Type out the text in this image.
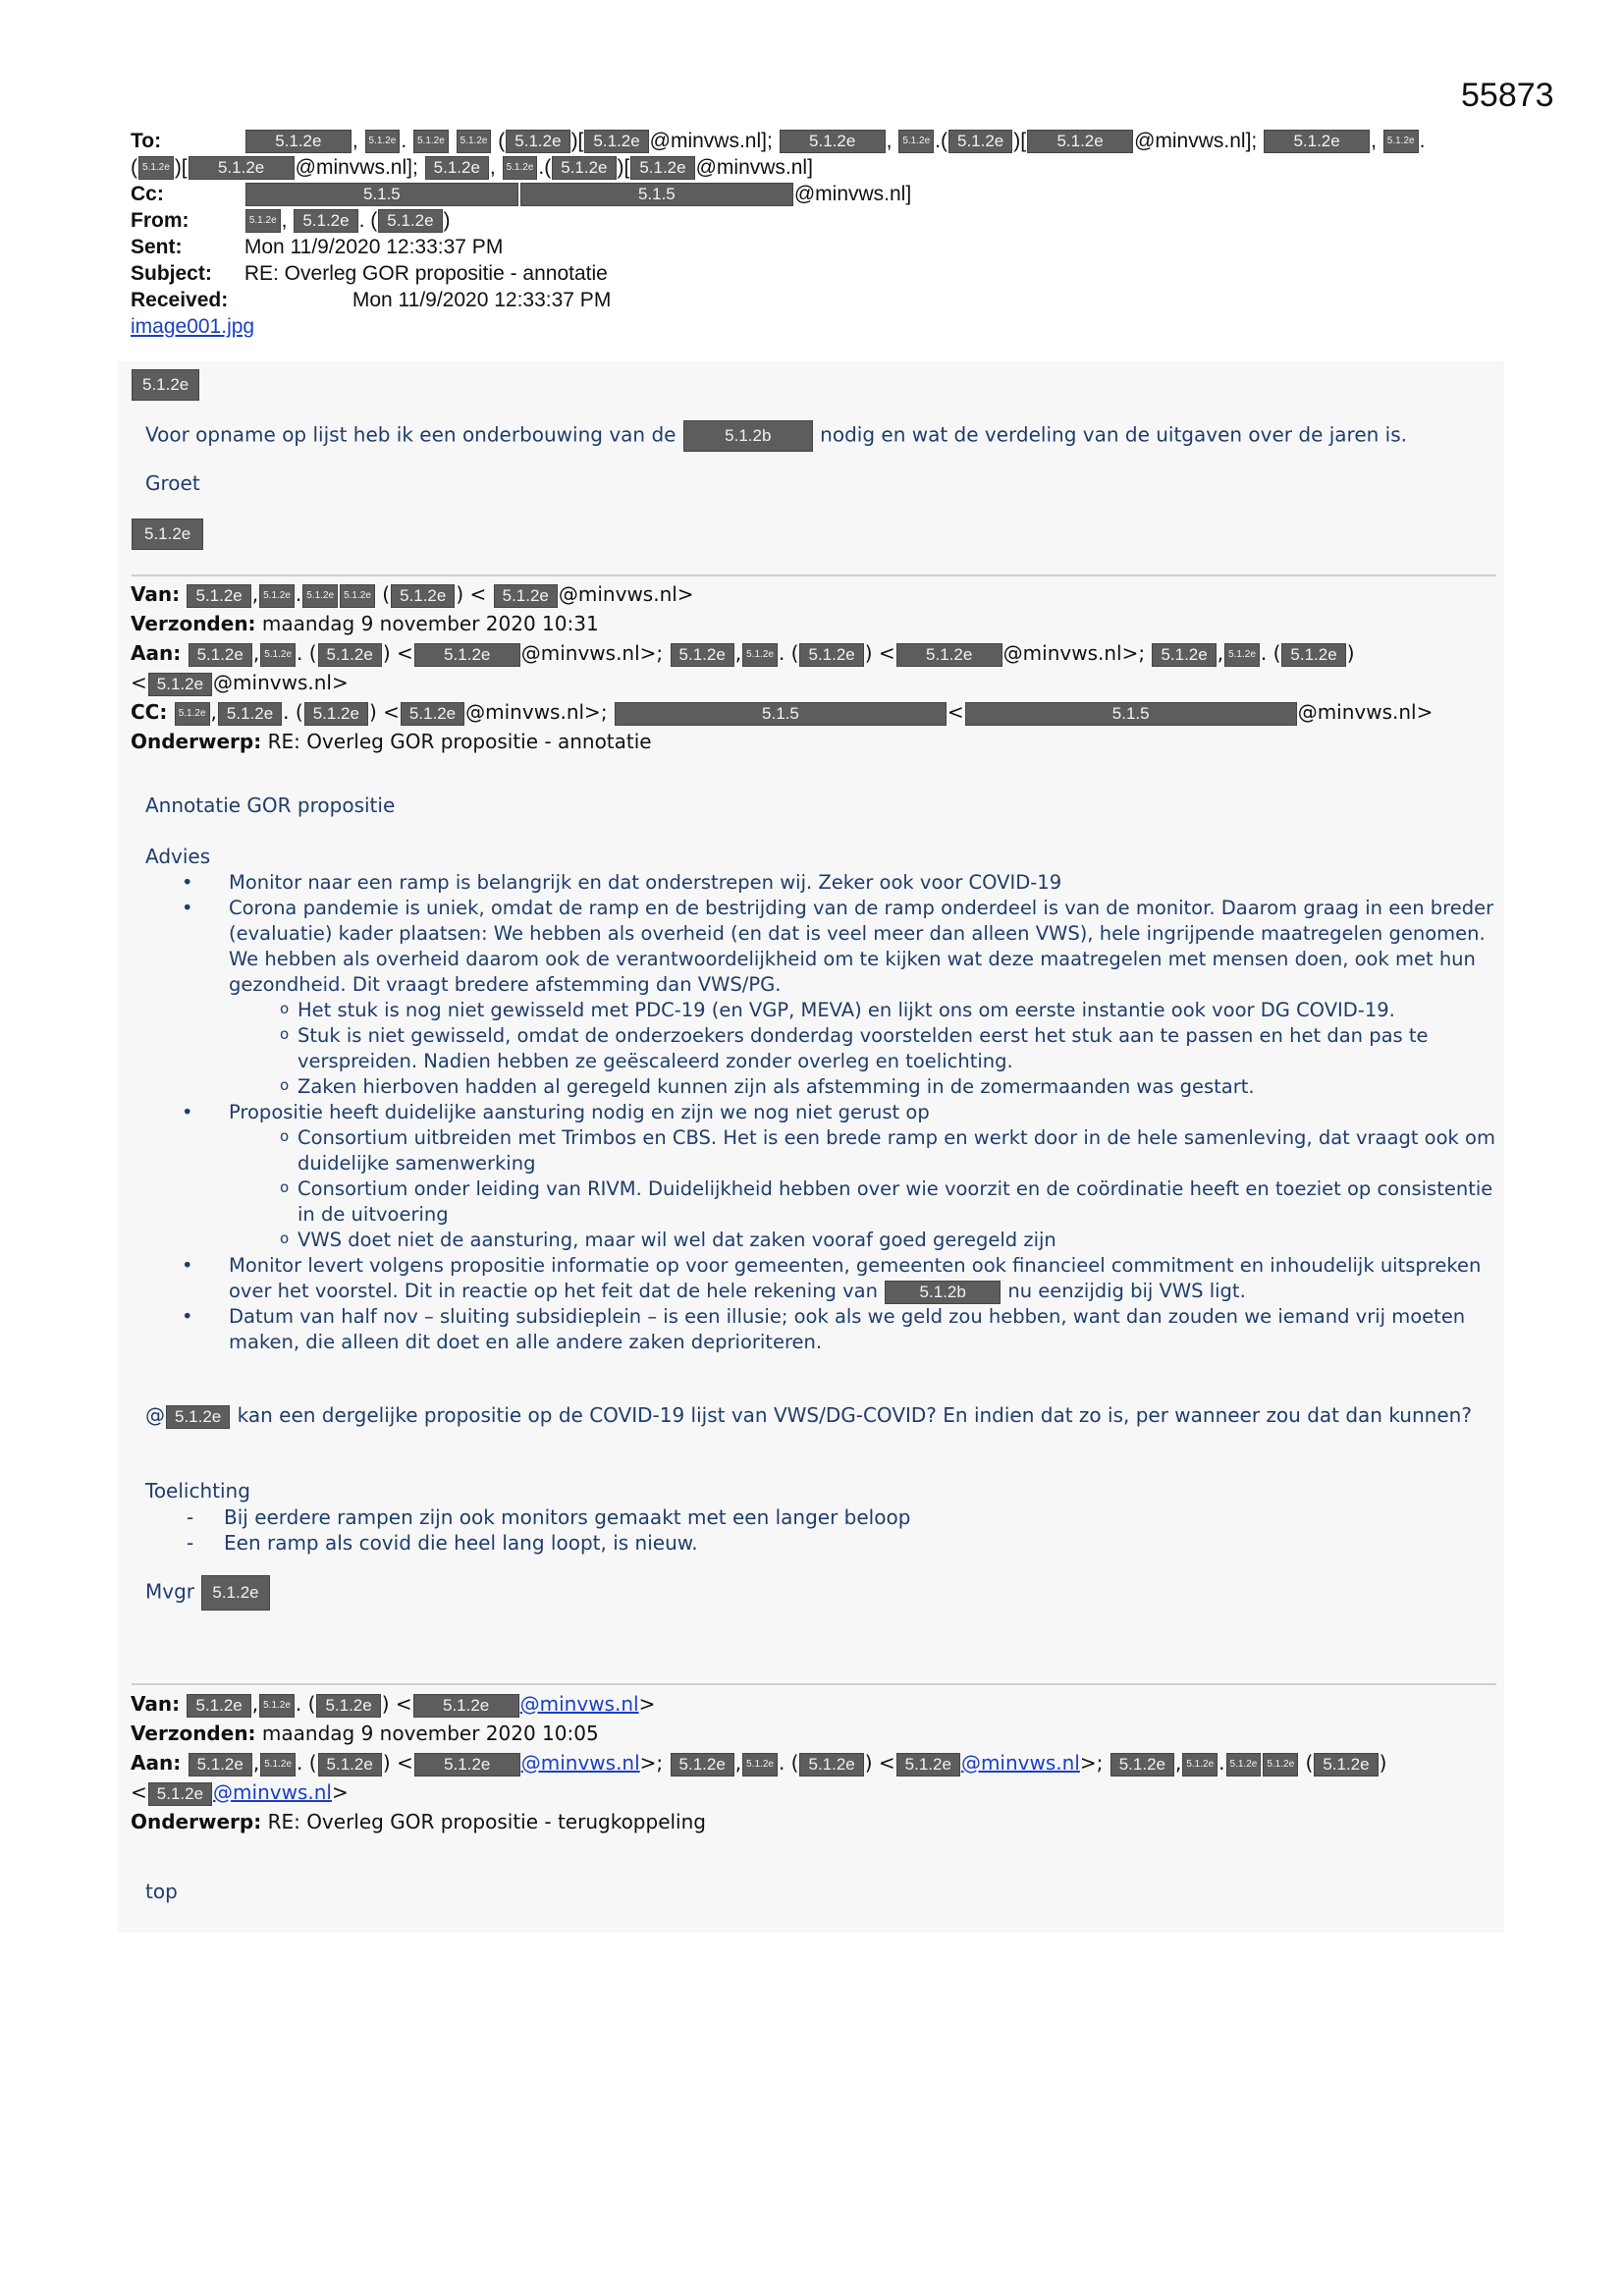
55873
To:	5.1.2e , 5.1.2e . 5.1.2e 5.1.2e ( 5.1.2e )[ 5.1.2e @minvws.nl]; 5.1.2e , 5.1.2e .( 5.1.2e )[ 5.1.2e @minvws.nl]; 5.1.2e , 5.1.2e .
( 5.1.2e )[ 5.1.2e @minvws.nl]; 5.1.2e , 5.1.2e .( 5.1.2e )[ 5.1.2e @minvws.nl]
Cc:	5.1.5	5.1.5	@minvws.nl]
From:	5.1.2e , 5.1.2e . ( 5.1.2e )
Sent:	Mon 11/9/2020 12:33:37 PM
Subject: RE: Overleg GOR propositie - annotatie
Received:	Mon 11/9/2020 12:33:37 PM
image001.jpg
5.1.2e
Voor opname op lijst heb ik een onderbouwing van de	5.1.2b nodig en wat de verdeling van de uitgaven over de jaren is.
Groet
5.1.2e
Van: 5.1.2e , 5.1.2e . 5.1.2e 5.1.2e ( 5.1.2e ) < 5.1.2e @minvws.nl>
Verzonden: maandag 9 november 2020 10:31
Aan: 5.1.2e , 5.1.2e . ( 5.1.2e ) < 5.1.2e @minvws.nl>; 5.1.2e , 5.1.2e . ( 5.1.2e ) < 5.1.2e @minvws.nl>; 5.1.2e , 5.1.2e . ( 5.1.2e )
< 5.1.2e @minvws.nl>
CC: 5.1.2e , 5.1.2e . ( 5.1.2e ) < 5.1.2e @minvws.nl>;	5.1.5	<	5.1.5	@minvws.nl>
Onderwerp: RE: Overleg GOR propositie - annotatie
Annotatie GOR propositie
Advies
• Monitor naar een ramp is belangrijk en dat onderstrepen wij. Zeker ook voor COVID-19
• Corona pandemie is uniek, omdat de ramp en de bestrijding van de ramp onderdeel is van de monitor. Daarom graag in een breder (evaluatie) kader plaatsen: We hebben als overheid (en dat is veel meer dan alleen VWS), hele ingrijpende maatregelen genomen. We hebben als overheid daarom ook de verantwoordelijkheid om te kijken wat deze maatregelen met mensen doen, ook met hun gezondheid. Dit vraagt bredere afstemming dan VWS/PG.
o Het stuk is nog niet gewisseld met PDC-19 (en VGP, MEVA) en lijkt ons om eerste instantie ook voor DG COVID-19.
o Stuk is niet gewisseld, omdat de onderzoekers donderdag voorstelden eerst het stuk aan te passen en het dan pas te verspreiden. Nadien hebben ze geëscaleerd zonder overleg en toelichting.
o Zaken hierboven hadden al geregeld kunnen zijn als afstemming in de zomermaanden was gestart.
• Propositie heeft duidelijke aansturing nodig en zijn we nog niet gerust op
o Consortium uitbreiden met Trimbos en CBS. Het is een brede ramp en werkt door in de hele samenleving, dat vraagt ook om duidelijke samenwerking
o Consortium onder leiding van RIVM. Duidelijkheid hebben over wie voorzit en de coördinatie heeft en toeziet op consistentie in de uitvoering
o VWS doet niet de aansturing, maar wil wel dat zaken vooraf goed geregeld zijn
• Monitor levert volgens propositie informatie op voor gemeenten, gemeenten ook financieel commitment en inhoudelijk uitspreken over het voorstel. Dit in reactie op het feit dat de hele rekening van	5.1.2b nu eenzijdig bij VWS ligt.
• Datum van half nov – sluiting subsidieplein – is een illusie; ook als we geld zou hebben, want dan zouden we iemand vrij moeten maken, die alleen dit doet en alle andere zaken deprioriteren.
@ 5.1.2e kan een dergelijke propositie op de COVID-19 lijst van VWS/DG-COVID? En indien dat zo is, per wanneer zou dat dan kunnen?
Toelichting
- Bij eerdere rampen zijn ook monitors gemaakt met een langer beloop
- Een ramp als covid die heel lang loopt, is nieuw.
Mvgr 5.1.2e
Van: 5.1.2e , 5.1.2e . ( 5.1.2e ) < 5.1.2e @minvws.nl>
Verzonden: maandag 9 november 2020 10:05
Aan: 5.1.2e , 5.1.2e . ( 5.1.2e ) < 5.1.2e @minvws.nl>; 5.1.2e , 5.1.2e . ( 5.1.2e ) < 5.1.2e @minvws.nl>; 5.1.2e , 5.1.2e . 5.1.2e 5.1.2e ( 5.1.2e )
< 5.1.2e @minvws.nl>
Onderwerp: RE: Overleg GOR propositie - terugkoppeling
top
